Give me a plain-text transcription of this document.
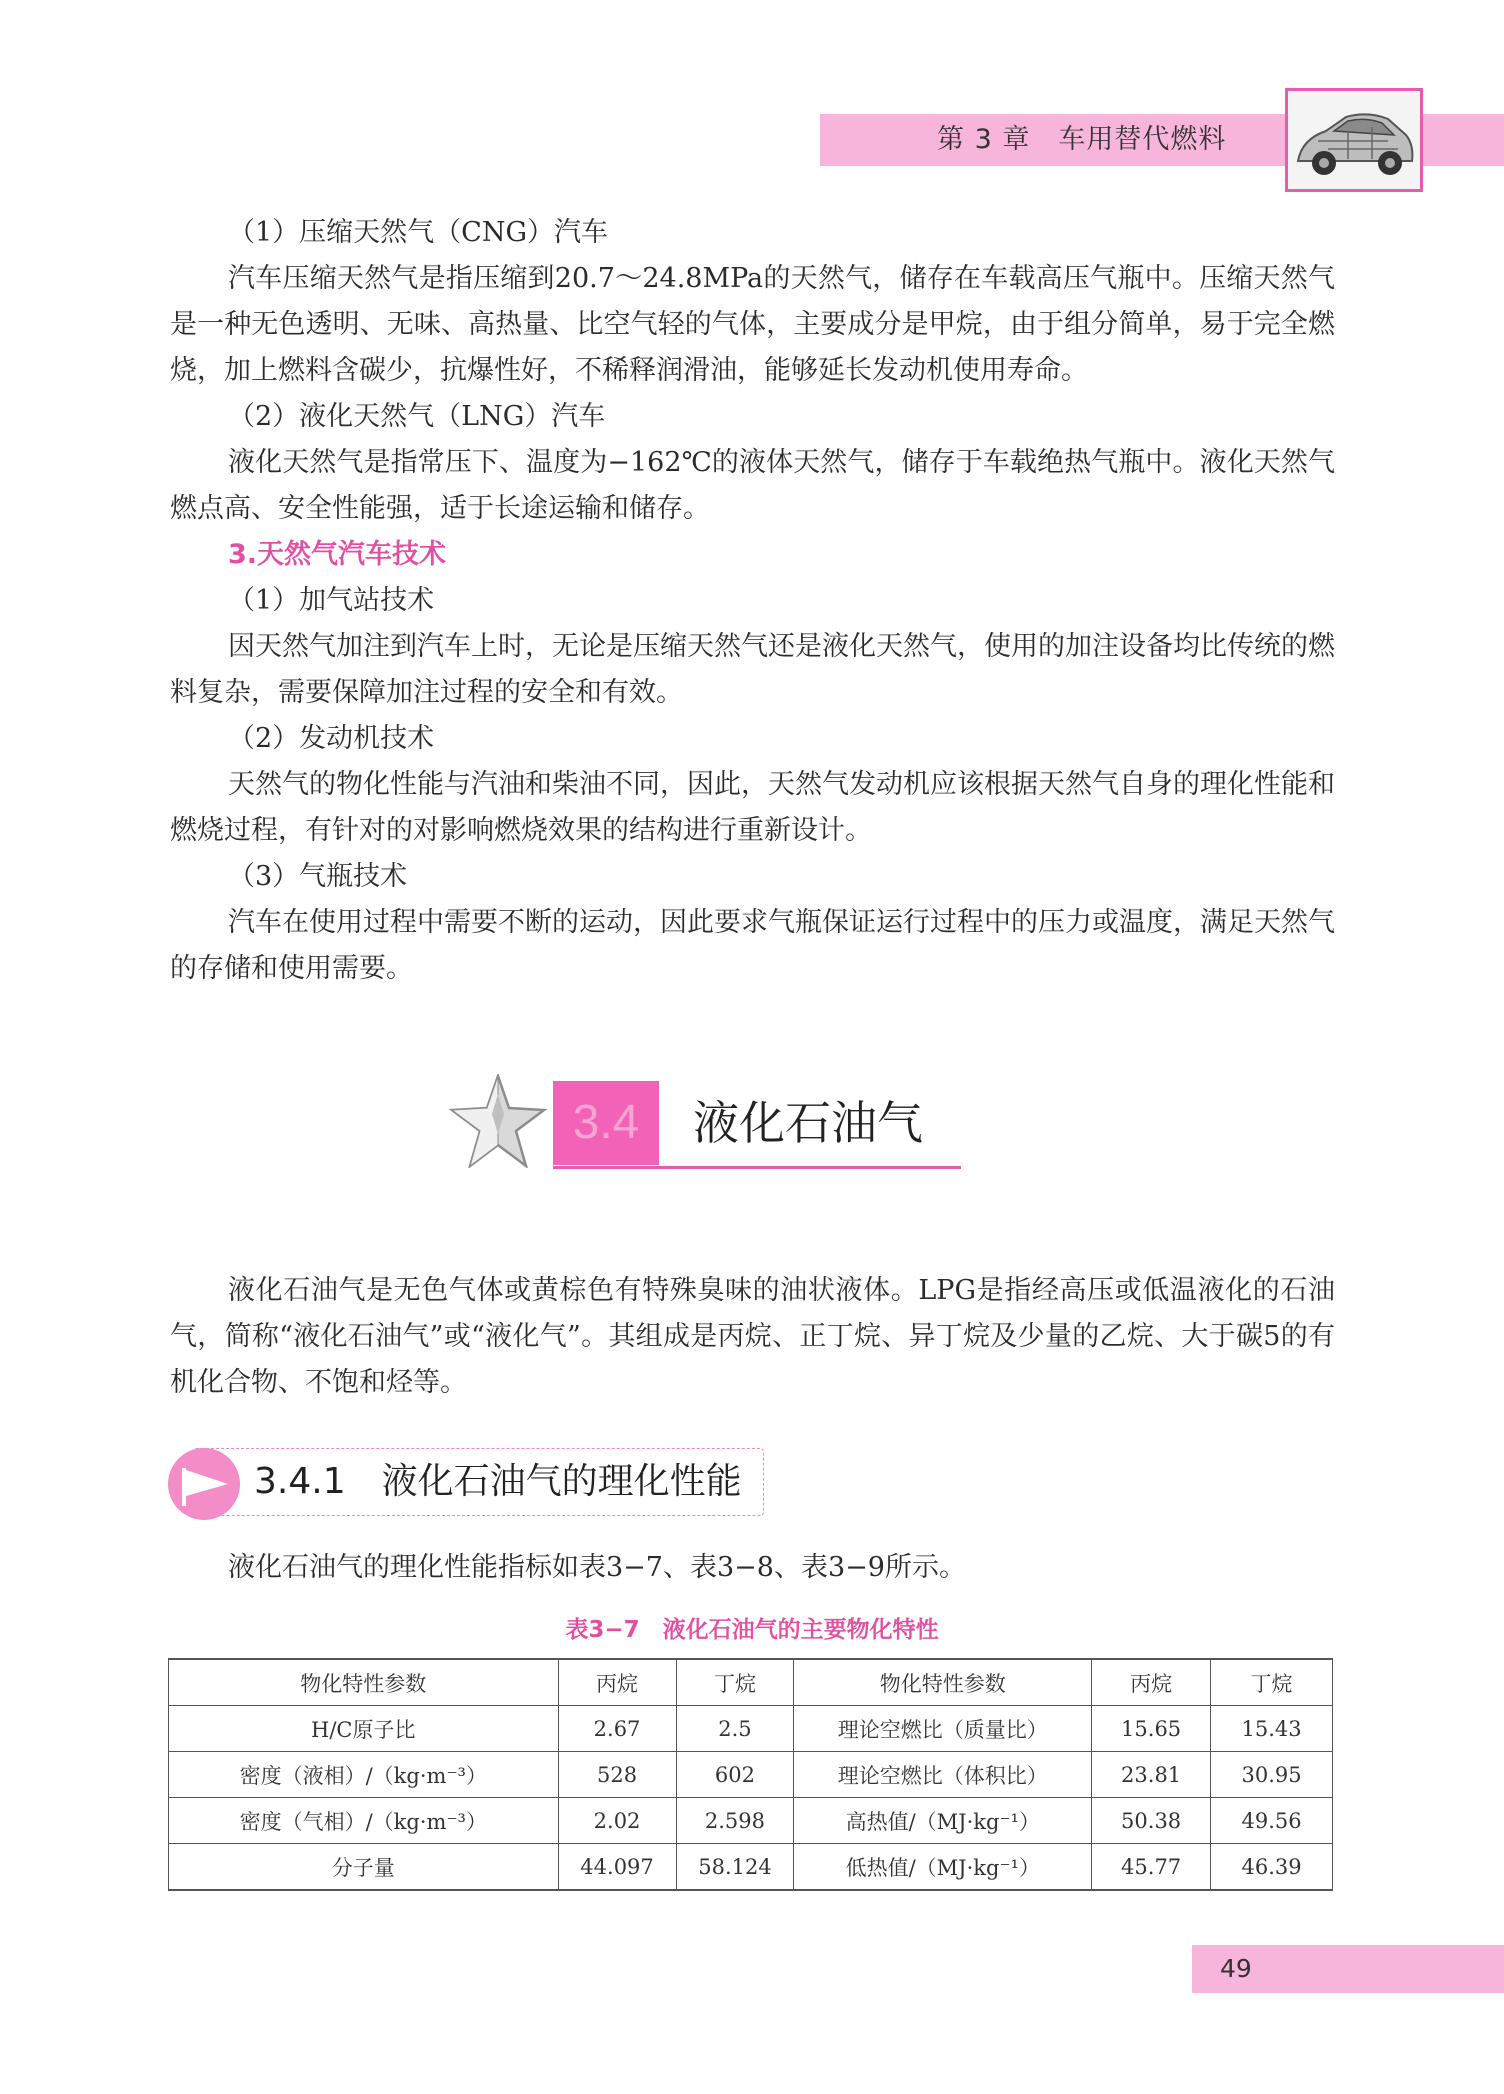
第 3 章　车用替代燃料

（1）压缩天然气（CNG）汽车

汽车压缩天然气是指压缩到20.7～24.8MPa的天然气，储存在车载高压气瓶中。压缩天然气是一种无色透明、无味、高热量、比空气轻的气体，主要成分是甲烷，由于组分简单，易于完全燃烧，加上燃料含碳少，抗爆性好，不稀释润滑油，能够延长发动机使用寿命。

（2）液化天然气（LNG）汽车

液化天然气是指常压下、温度为−162℃的液体天然气，储存于车载绝热气瓶中。液化天然气燃点高、安全性能强，适于长途运输和储存。

3.天然气汽车技术

（1）加气站技术

因天然气加注到汽车上时，无论是压缩天然气还是液化天然气，使用的加注设备均比传统的燃料复杂，需要保障加注过程的安全和有效。

（2）发动机技术

天然气的物化性能与汽油和柴油不同，因此，天然气发动机应该根据天然气自身的理化性能和燃烧过程，有针对的对影响燃烧效果的结构进行重新设计。

（3）气瓶技术

汽车在使用过程中需要不断的运动，因此要求气瓶保证运行过程中的压力或温度，满足天然气的存储和使用需要。

3.4	液化石油气

液化石油气是无色气体或黄棕色有特殊臭味的油状液体。LPG是指经高压或低温液化的石油气，简称“液化石油气”或“液化气”。其组成是丙烷、正丁烷、异丁烷及少量的乙烷、大于碳5的有机化合物、不饱和烃等。

3.4.1　液化石油气的理化性能

液化石油气的理化性能指标如表3−7、表3−8、表3−9所示。

表3−7　液化石油气的主要物化特性
物化特性参数	丙烷	丁烷	物化特性参数	丙烷	丁烷
H/C原子比	2.67	2.5	理论空燃比（质量比）	15.65	15.43
密度（液相）/（kg·m⁻³）	528	602	理论空燃比（体积比）	23.81	30.95
密度（气相）/（kg·m⁻³）	2.02	2.598	高热值/（MJ·kg⁻¹）	50.38	49.56
分子量	44.097	58.124	低热值/（MJ·kg⁻¹）	45.77	46.39
49
